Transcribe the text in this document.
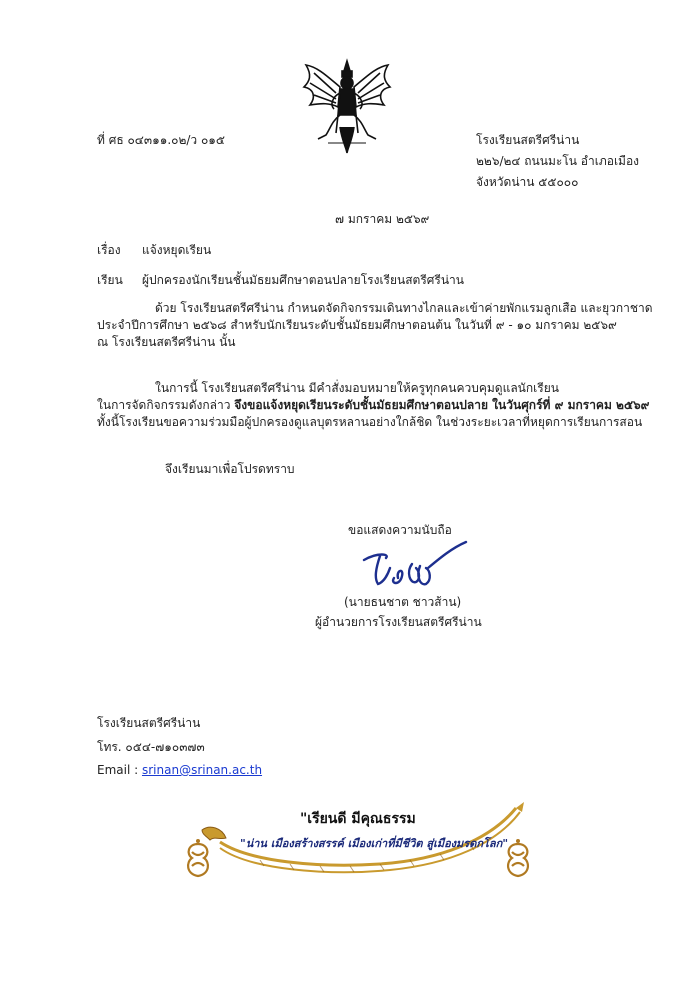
ที่ ศธ ๐๔๓๑๑.๐๒/ว ๐๑๕	โรงเรียนสตรีศรีน่าน
๒๒๖/๒๔ ถนนมะโน อำเภอเมือง
จังหวัดน่าน ๕๕๐๐๐
๗ มกราคม ๒๕๖๙
เรื่อง แจ้งหยุดเรียน
เรียน ผู้ปกครองนักเรียนชั้นมัธยมศึกษาตอนปลายโรงเรียนสตรีศรีน่าน

ด้วย โรงเรียนสตรีศรีน่าน กำหนดจัดกิจกรรมเดินทางไกลและเข้าค่ายพักแรมลูกเสือ และยุวกาชาด

ประจำปีการศึกษา ๒๕๖๘ สำหรับนักเรียนระดับชั้นมัธยมศึกษาตอนต้น ในวันที่ ๙ - ๑๐ มกราคม ๒๕๖๙

ณ โรงเรียนสตรีศรีน่าน นั้น

ในการนี้ โรงเรียนสตรีศรีน่าน มีคำสั่งมอบหมายให้ครูทุกคนควบคุมดูแลนักเรียน

ในการจัดกิจกรรมดังกล่าว จึงขอแจ้งหยุดเรียนระดับชั้นมัธยมศึกษาตอนปลาย ในวันศุกร์ที่ ๙ มกราคม ๒๕๖๙

ทั้งนี้โรงเรียนขอความร่วมมือผู้ปกครองดูแลบุตรหลานอย่างใกล้ชิด ในช่วงระยะเวลาที่หยุดการเรียนการสอน

จึงเรียนมาเพื่อโปรดทราบ
ขอแสดงความนับถือ
(นายธนชาต ชาวส้าน)
ผู้อำนวยการโรงเรียนสตรีศรีน่าน
โรงเรียนสตรีศรีน่าน
โทร. ๐๕๔-๗๑๐๓๗๓
Email : srinan@srinan.ac.th
"เรียนดี มีคุณธรรม
"น่าน เมืองสร้างสรรค์ เมืองเก่าที่มีชีวิต สู่เมืองมรดกโลก"
